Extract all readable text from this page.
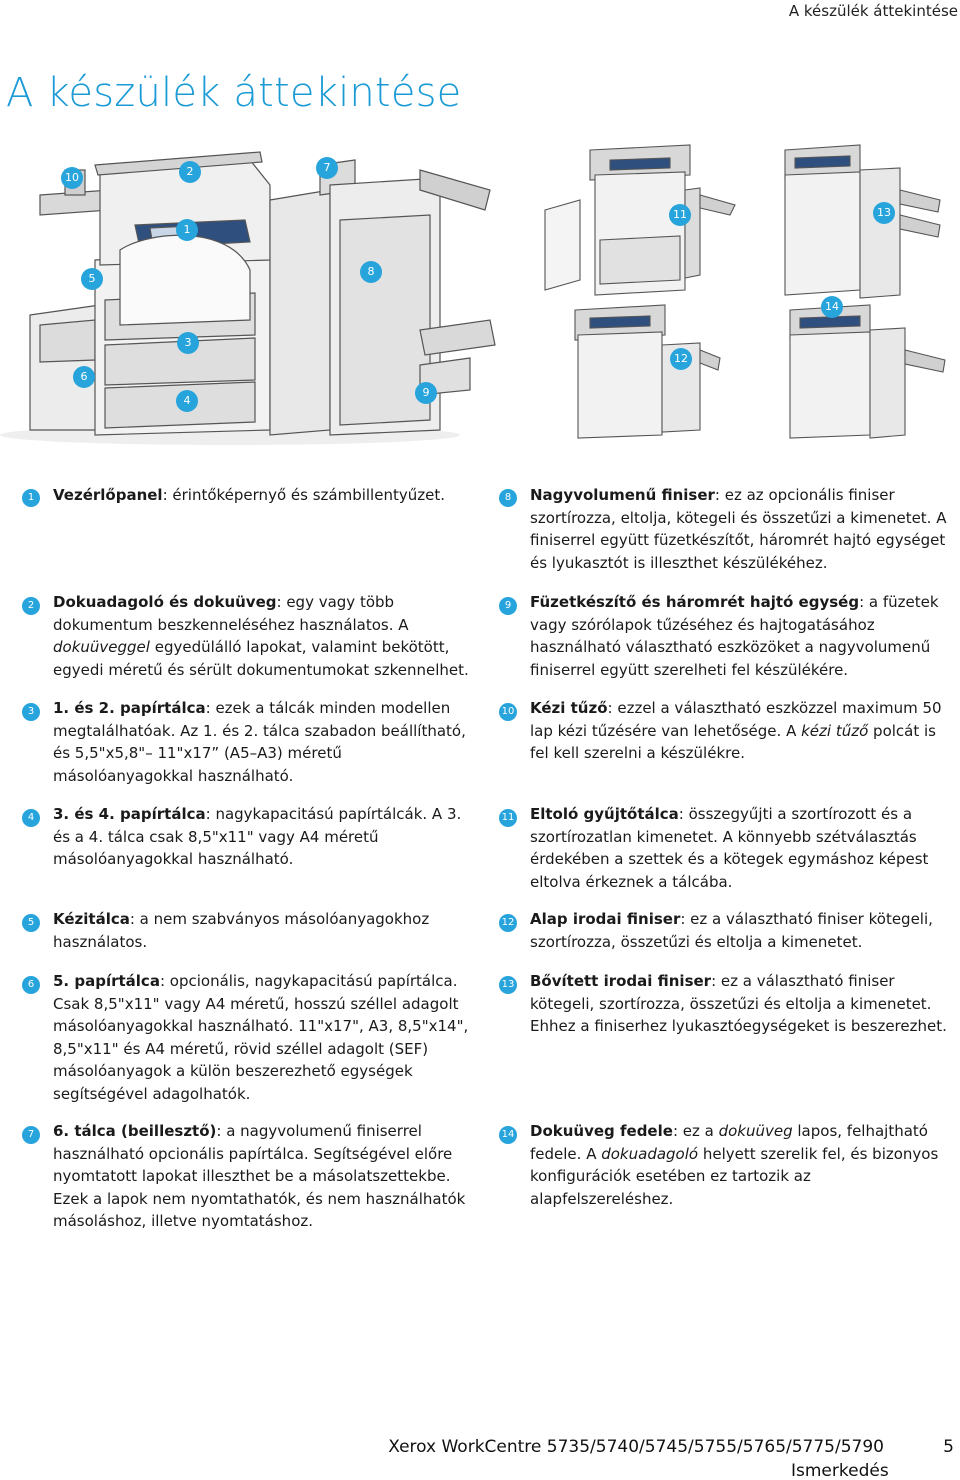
A készülék áttekintése
A készülék áttekintése
10	2	7
1
5
8
3
6
4
9
11	13
14
12
1	Vezérlőpanel: érintőképernyő és számbillentyűzet.
2	Dokuadagoló és dokuüveg: egy vagy több dokumentum beszkenneléséhez használatos. A dokuüveggel egyedülálló lapokat, valamint bekötött, egyedi méretű és sérült dokumentumokat szkennelhet.
3	1. és 2. papírtálca: ezek a tálcák minden modellen megtalálhatóak. Az 1. és 2. tálca szabadon beállítható, és 5,5"x5,8"– 11"x17” (A5–A3) méretű másolóanyagokkal használható.
4	3. és 4. papírtálca: nagykapacitású papírtálcák. A 3. és a 4. tálca csak 8,5"x11" vagy A4 méretű másolóanyagokkal használható.
5	Kézitálca: a nem szabványos másolóanyagokhoz használatos.
6	5. papírtálca: opcionális, nagykapacitású papírtálca. Csak 8,5"x11" vagy A4 méretű, hosszú széllel adagolt másolóanyagokkal használható. 11"x17", A3, 8,5"x14", 8,5"x11" és A4 méretű, rövid széllel adagolt (SEF) másolóanyagok a külön beszerezhető egységek segítségével adagolhatók.
7	6. tálca (beillesztő): a nagyvolumenű finiserrel használható opcionális papírtálca. Segítségével előre nyomtatott lapokat illeszthet be a másolatszettekbe. Ezek a lapok nem nyomtathatók, és nem használhatók másoláshoz, illetve nyomtatáshoz.
8	Nagyvolumenű finiser: ez az opcionális finiser szortírozza, eltolja, kötegeli és összetűzi a kimenetet. A finiserrel együtt füzetkészítőt, háromrét hajtó egységet és lyukasztót is illeszthet készülékéhez.
9	Füzetkészítő és háromrét hajtó egység: a füzetek vagy szórólapok tűzéséhez és hajtogatásához használható választható eszközöket a nagyvolumenű finiserrel együtt szerelheti fel készülékére.
10 Kézi tűző: ezzel a választható eszközzel maximum 50 lap kézi tűzésére van lehetősége. A kézi tűző polcát is fel kell szerelni a készülékre.
11 Eltoló gyűjtőtálca: összegyűjti a szortírozott és a szortírozatlan kimenetet. A könnyebb szétválasztás érdekében a szettek és a kötegek egymáshoz képest eltolva érkeznek a tálcába.
12 Alap irodai finiser: ez a választható finiser kötegeli, szortírozza, összetűzi és eltolja a kimenetet.
13 Bővített irodai finiser: ez a választható finiser kötegeli, szortírozza, összetűzi és eltolja a kimenetet. Ehhez a finiserhez lyukasztóegységeket is beszerezhet.
14 Dokuüveg fedele: ez a dokuüveg lapos, felhajtható fedele. A dokuadagoló helyett szerelik fel, és bizonyos konfigurációk esetében ez tartozik az alapfelszereléshez.
Xerox WorkCentre 5735/5740/5745/5755/5765/5775/5790	5
Ismerkedés
